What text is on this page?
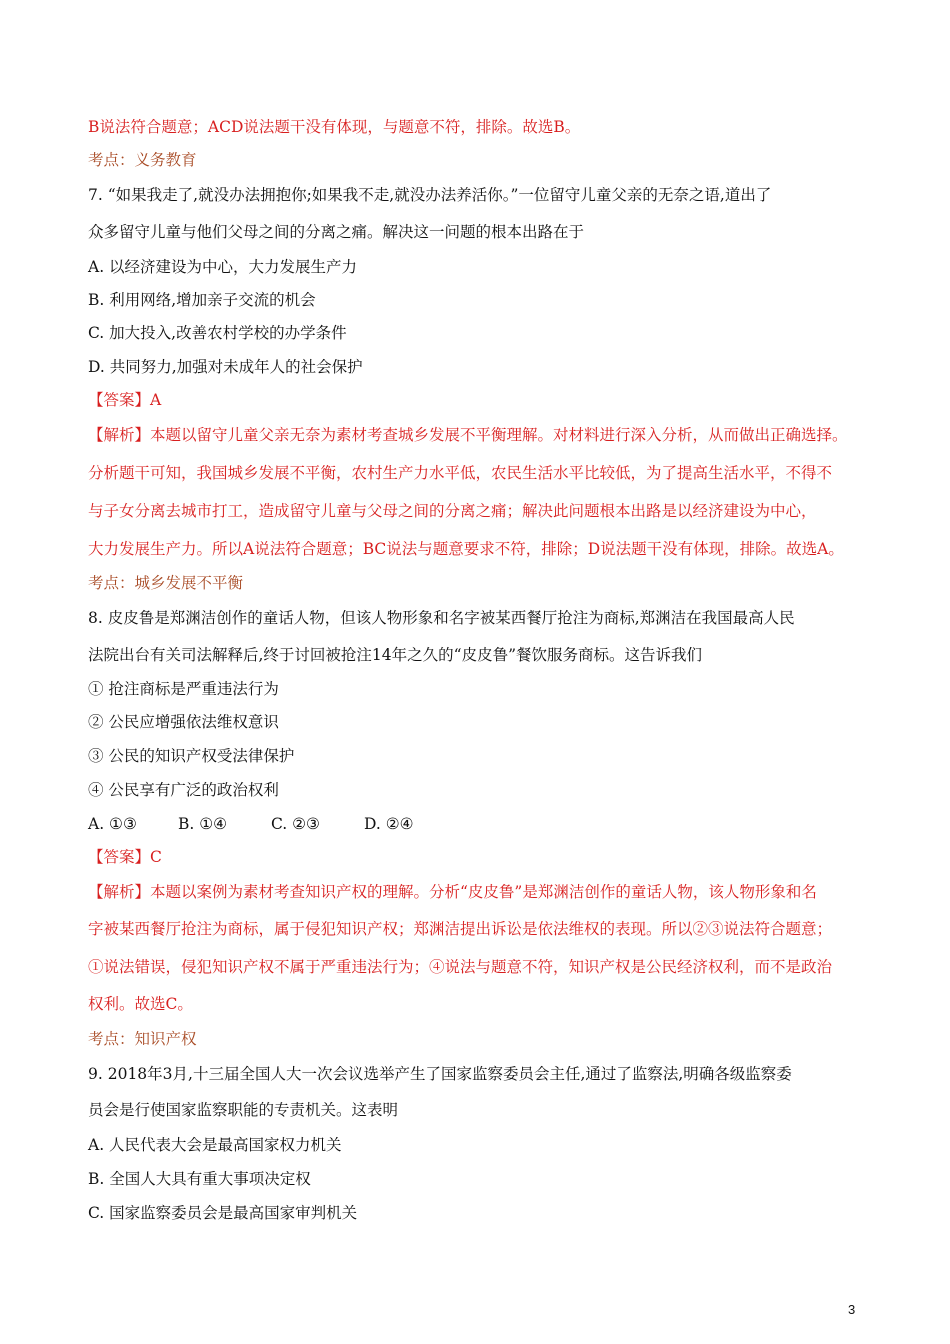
B说法符合题意；ACD说法题干没有体现，与题意不符，排除。故选B。
考点：义务教育
7. “如果我走了,就没办法拥抱你;如果我不走,就没办法养活你。”一位留守儿童父亲的无奈之语,道出了
众多留守儿童与他们父母之间的分离之痛。解决这一问题的根本出路在于
A. 以经济建设为中心，大力发展生产力
B. 利用网络,增加亲子交流的机会
C. 加大投入,改善农村学校的办学条件
D. 共同努力,加强对未成年人的社会保护
【答案】A
【解析】本题以留守儿童父亲无奈为素材考查城乡发展不平衡理解。对材料进行深入分析，从而做出正确选择。
分析题干可知，我国城乡发展不平衡，农村生产力水平低，农民生活水平比较低，为了提高生活水平，不得不
与子女分离去城市打工，造成留守儿童与父母之间的分离之痛；解决此问题根本出路是以经济建设为中心，
大力发展生产力。所以A说法符合题意；BC说法与题意要求不符，排除；D说法题干没有体现，排除。故选A。
考点：城乡发展不平衡
8. 皮皮鲁是郑渊洁创作的童话人物，但该人物形象和名字被某西餐厅抢注为商标,郑渊洁在我国最高人民
法院出台有关司法解释后,终于讨回被抢注14年之久的“皮皮鲁”餐饮服务商标。这告诉我们
① 抢注商标是严重违法行为
② 公民应增强依法维权意识
③ 公民的知识产权受法律保护
④ 公民享有广泛的政治权利
A. ①③	B. ①④	C. ②③	D. ②④
【答案】C
【解析】本题以案例为素材考查知识产权的理解。分析“皮皮鲁”是郑渊洁创作的童话人物，该人物形象和名
字被某西餐厅抢注为商标，属于侵犯知识产权；郑渊洁提出诉讼是依法维权的表现。所以②③说法符合题意；
①说法错误，侵犯知识产权不属于严重违法行为；④说法与题意不符，知识产权是公民经济权利，而不是政治
权利。故选C。
考点：知识产权
9. 2018年3月,十三届全国人大一次会议选举产生了国家监察委员会主任,通过了监察法,明确各级监察委
员会是行使国家监察职能的专责机关。这表明
A. 人民代表大会是最高国家权力机关
B. 全国人大具有重大事项决定权
C. 国家监察委员会是最高国家审判机关
3
